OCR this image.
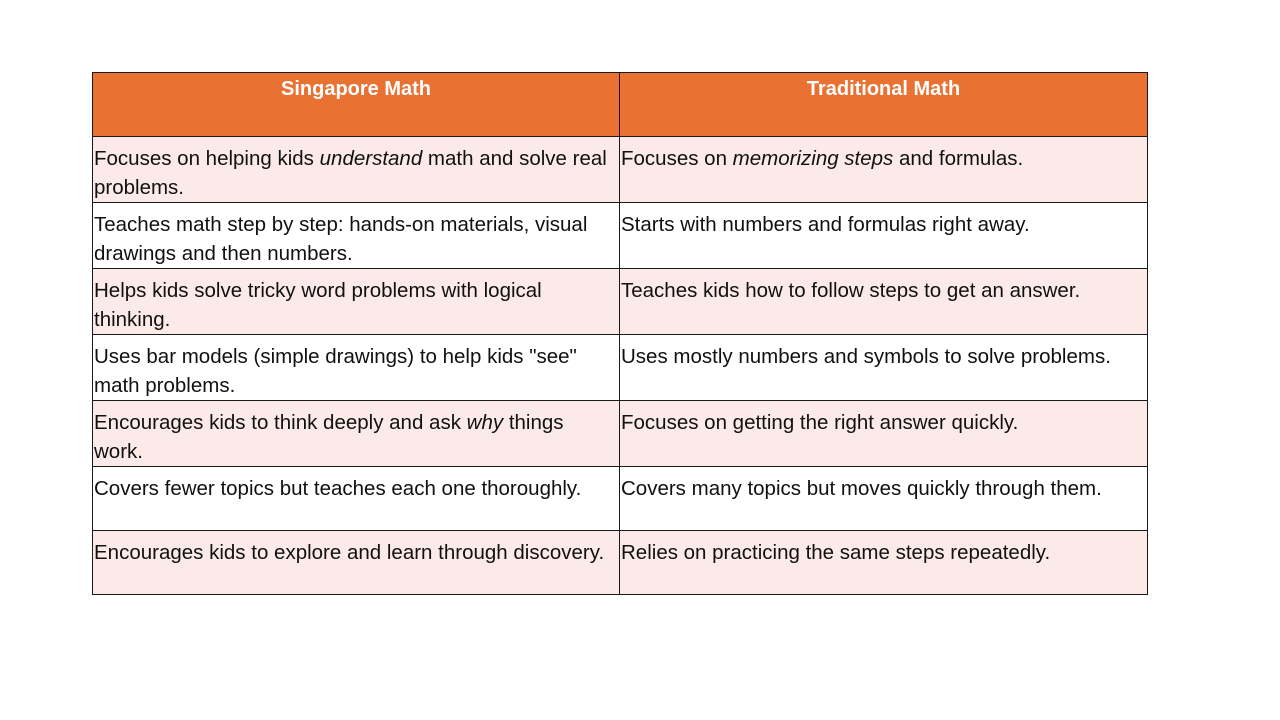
Singapore Math	Traditional Math
Focuses on helping kids understand math and solve real problems.	Focuses on memorizing steps and formulas.
Teaches math step by step: hands-on materials, visual drawings and then numbers.	Starts with numbers and formulas right away.
Helps kids solve tricky word problems with logical thinking.	Teaches kids how to follow steps to get an answer.
Uses bar models (simple drawings) to help kids "see" math problems.	Uses mostly numbers and symbols to solve problems.
Encourages kids to think deeply and ask why things work.	Focuses on getting the right answer quickly.
Covers fewer topics but teaches each one thoroughly.	Covers many topics but moves quickly through them.
Encourages kids to explore and learn through discovery.	Relies on practicing the same steps repeatedly.
